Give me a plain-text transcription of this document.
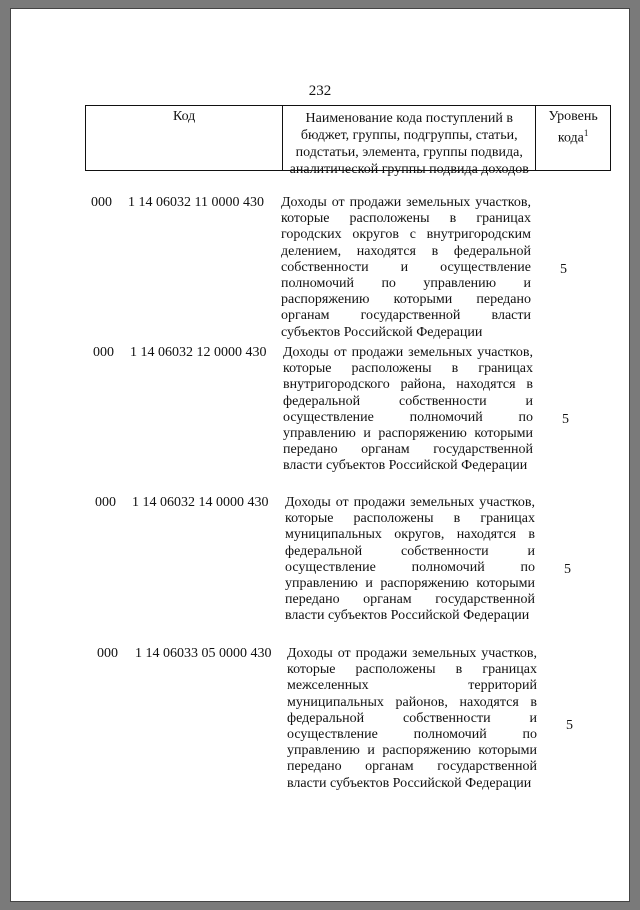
232
Код	Наименование кода поступлений в бюджет, группы, подгруппы, статьи, подстатьи, элемента, группы подвида, аналитической группы подвида доходов
Уровень кода$^1$
000 1 14 06032 11 0000 430 Доходы от продажи земельных участков, которые расположены в границах городских округов с внутригородским делением, находятся в федеральной собственности и осуществление полномочий по управлению и распоряжению которыми передано органам государственной власти субъектов Российской Федерации
5
000 1 14 06032 12 0000 430 Доходы от продажи земельных участков, которые расположены в границах внутригородского района, находятся в федеральной собственности и осуществление полномочий по управлению и распоряжению которыми передано органам государственной власти субъектов Российской Федерации
5
000 1 14 06032 14 0000 430 Доходы от продажи земельных участков, которые расположены в границах муниципальных округов, находятся в федеральной собственности и осуществление полномочий по управлению и распоряжению которыми передано органам государственной власти субъектов Российской Федерации
5
000 1 14 06033 05 0000 430 Доходы от продажи земельных участков, которые расположены в границах межселенных территорий муниципальных районов, находятся в федеральной собственности и осуществление полномочий по управлению и распоряжению которыми передано органам государственной власти субъектов Российской Федерации
5
